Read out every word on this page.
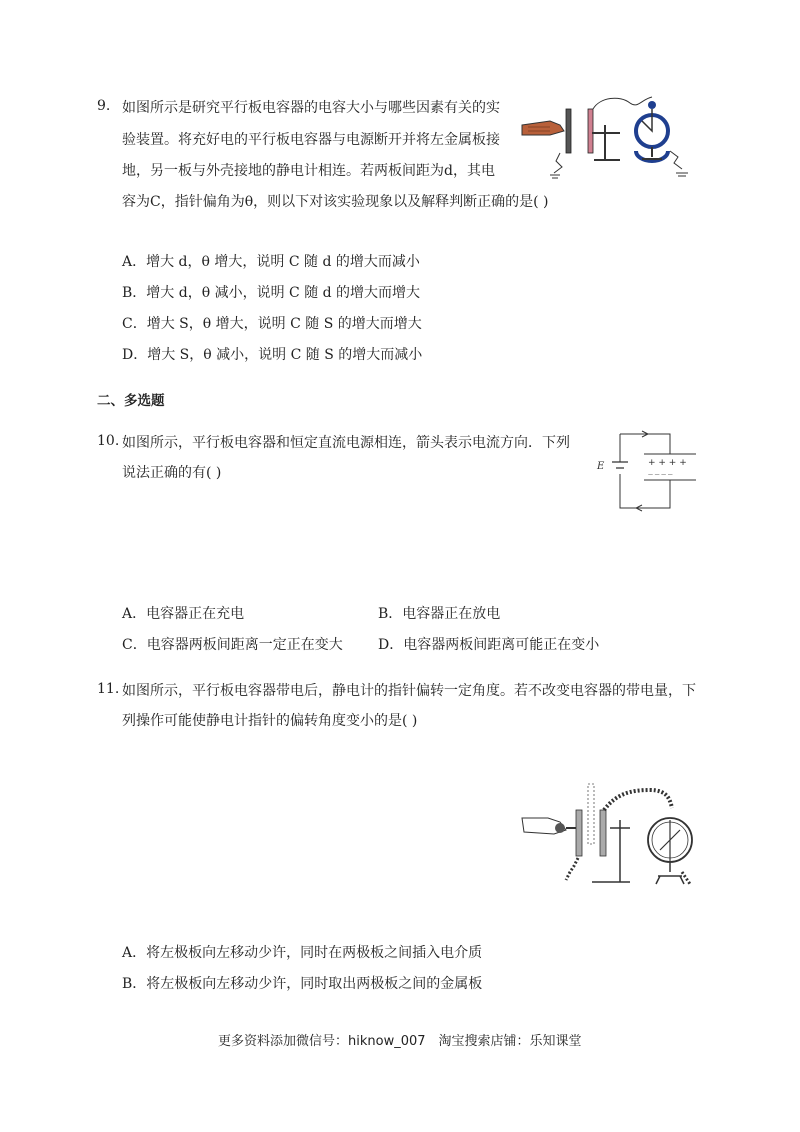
9. 如图所示是研究平行板电容器的电容大小与哪些因素有关的实
验装置。将充好电的平行板电容器与电源断开并将左金属板接
地，另一板与外壳接地的静电计相连。若两板间距为d，其电
容为C，指针偏角为θ，则以下对该实验现象以及解释判断正确的是( )
A．增大 d，θ 增大，说明 C 随 d 的增大而减小
B．增大 d，θ 减小，说明 C 随 d 的增大而增大
C．增大 S，θ 增大，说明 C 随 S 的增大而增大
D．增大 S，θ 减小，说明 C 随 S 的增大而减小
二、多选题
10. 如图所示，平行板电容器和恒定直流电源相连，箭头表示电流方向．下列
说法正确的有( )	E	+ + + +
— — — —
A．电容器正在充电	B．电容器正在放电
C．电容器两板间距离一定正在变大	D．电容器两板间距离可能正在变小
11. 如图所示，平行板电容器带电后，静电计的指针偏转一定角度。若不改变电容器的带电量，下
列操作可能使静电计指针的偏转角度变小的是( )
A．将左极板向左移动少许，同时在两极板之间插入电介质
B．将左极板向左移动少许，同时取出两极板之间的金属板
更多资料添加微信号：hiknow_007　淘宝搜索店铺：乐知课堂
